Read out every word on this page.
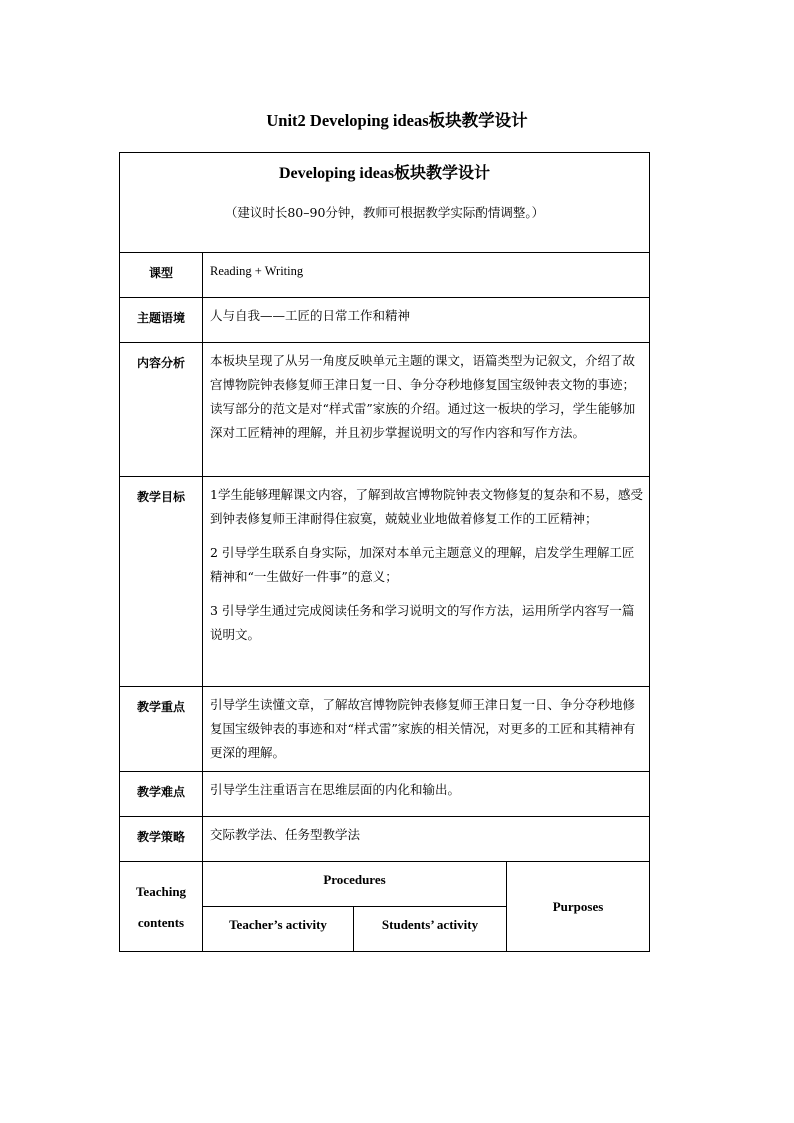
Unit2 Developing ideas板块教学设计
Developing ideas板块教学设计
（建议时长80–90分钟，教师可根据教学实际酌情调整。）			

课型	Reading + Writing		
主题语境	人与自我——工匠的日常工作和精神		
内容分析	本板块呈现了从另一角度反映单元主题的课文，语篇类型为记叙文，介绍了故宫博物院钟表修复师王津日复一日、争分夺秒地修复国宝级钟表文物的事迹；读写部分的范文是对“样式雷”家族的介绍。通过这一板块的学习，学生能够加深对工匠精神的理解，并且初步掌握说明文的写作内容和写作方法。		
教学目标	1学生能够理解课文内容，了解到故宫博物院钟表文物修复的复杂和不易，感受到钟表修复师王津耐得住寂寞，兢兢业业地做着修复工作的工匠精神；

2 引导学生联系自身实际，加深对本单元主题意义的理解，启发学生理解工匠精神和“一生做好一件事”的意义；

3 引导学生通过完成阅读任务和学习说明文的写作方法，运用所学内容写一篇说明文。		

教学重点	引导学生读懂文章，了解故宫博物院钟表修复师王津日复一日、争分夺秒地修复国宝级钟表的事迹和对“样式雷”家族的相关情况，对更多的工匠和其精神有更深的理解。		
教学难点	引导学生注重语言在思维层面的内化和输出。		
教学策略	交际教学法、任务型教学法		
Teaching
contents	Procedures		Purposes
	Teacher’s activity	Students’ activity	
